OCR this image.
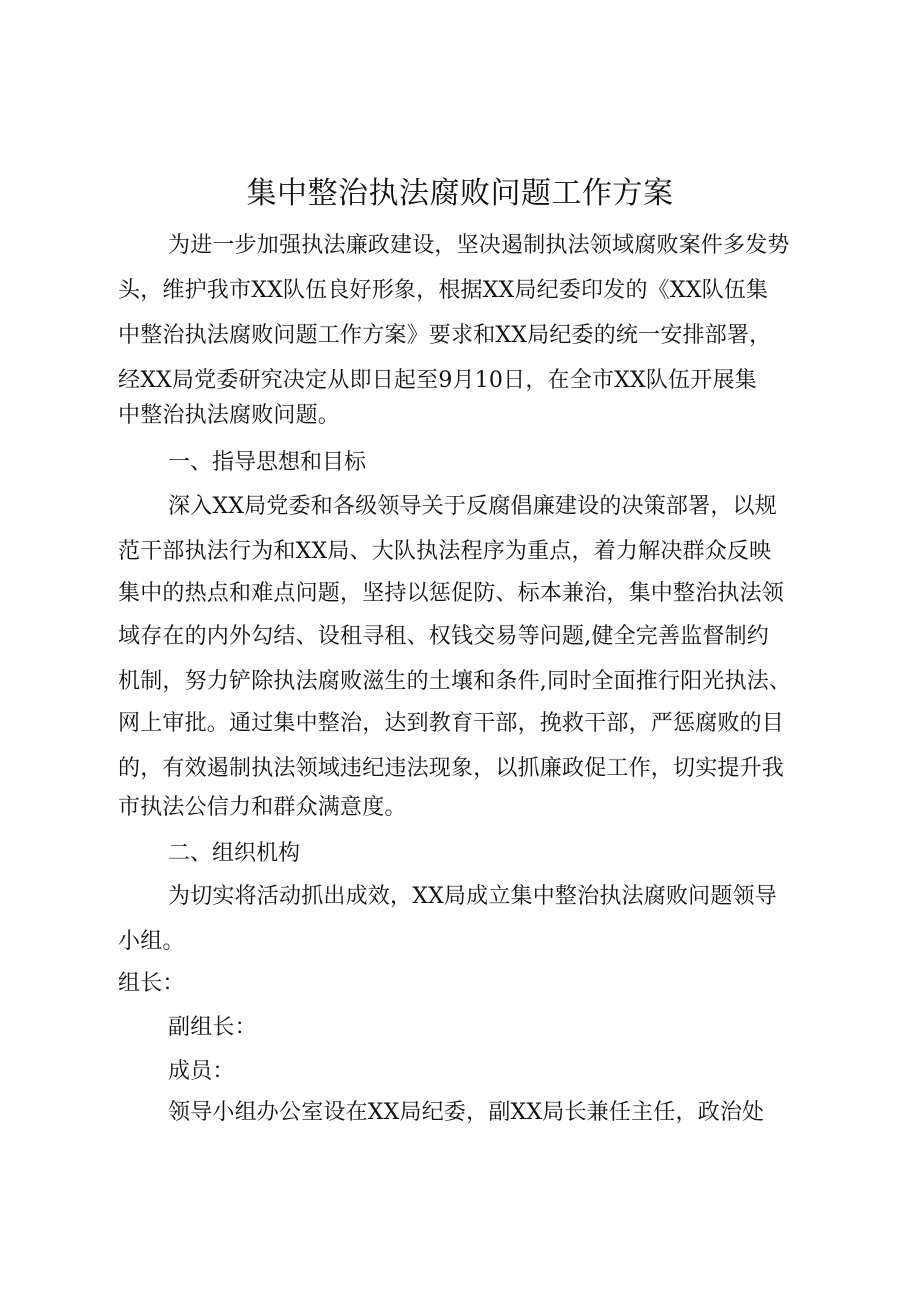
集中整治执法腐败问题工作方案
为进一步加强执法廉政建设，坚决遏制执法领域腐败案件多发势
头，维护我市XX队伍良好形象，根据XX局纪委印发的《XX队伍集
中整治执法腐败问题工作方案》要求和XX局纪委的统一安排部署，
经XX局党委研究决定从即日起至9月10日，在全市XX队伍开展集
中整治执法腐败问题。
一、指导思想和目标
深入XX局党委和各级领导关于反腐倡廉建设的决策部署，以规
范干部执法行为和XX局、大队执法程序为重点，着力解决群众反映
集中的热点和难点问题，坚持以惩促防、标本兼治，集中整治执法领
域存在的内外勾结、设租寻租、权钱交易等问题,健全完善监督制约
机制，努力铲除执法腐败滋生的土壤和条件,同时全面推行阳光执法、
网上审批。通过集中整治，达到教育干部，挽救干部，严惩腐败的目
的，有效遏制执法领域违纪违法现象，以抓廉政促工作，切实提升我
市执法公信力和群众满意度。
二、组织机构
为切实将活动抓出成效，XX局成立集中整治执法腐败问题领导
小组。
组长：
副组长：
成员：
领导小组办公室设在XX局纪委，副XX局长兼任主任，政治处
